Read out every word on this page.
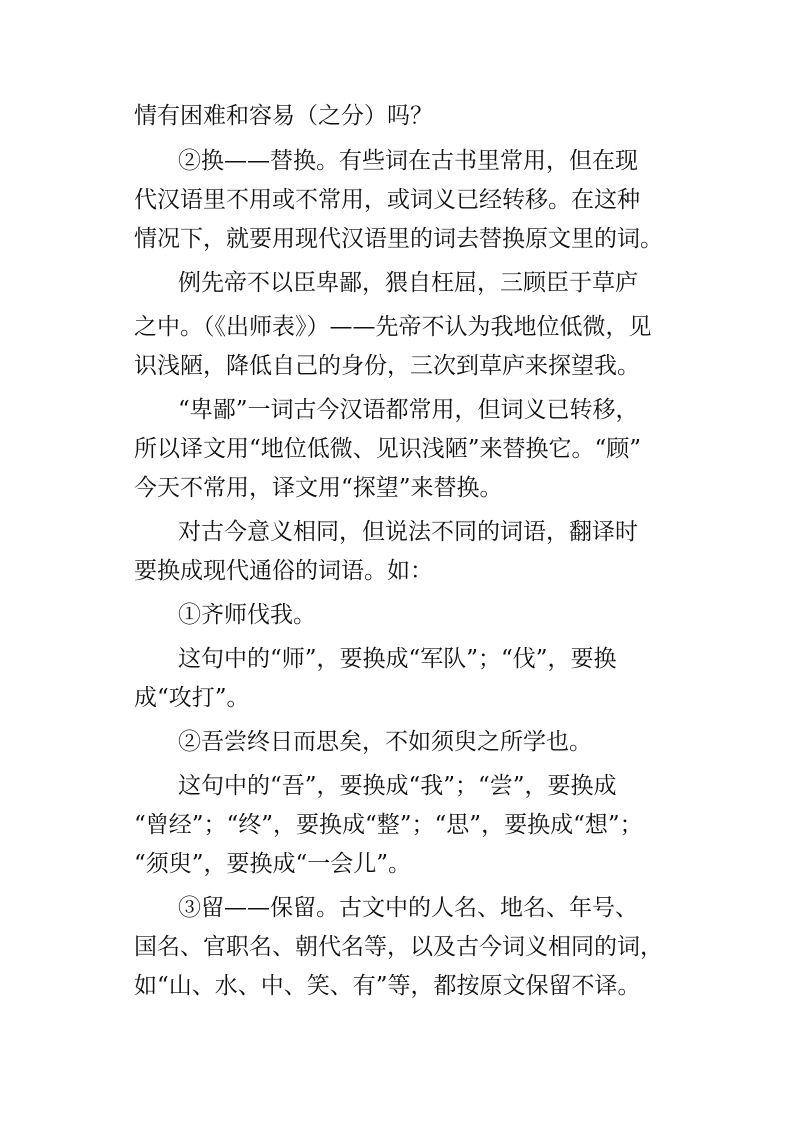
情有困难和容易（之分）吗？
②换——替换。有些词在古书里常用，但在现
代汉语里不用或不常用，或词义已经转移。在这种
情况下，就要用现代汉语里的词去替换原文里的词。
例先帝不以臣卑鄙，猥自枉屈，三顾臣于草庐
之中。（《出师表》）——先帝不认为我地位低微，见
识浅陋，降低自己的身份，三次到草庐来探望我。
“卑鄙”一词古今汉语都常用，但词义已转移，
所以译文用“地位低微、见识浅陋”来替换它。“顾”
今天不常用，译文用“探望”来替换。
对古今意义相同，但说法不同的词语，翻译时
要换成现代通俗的词语。如：
①齐师伐我。
这句中的“师”，要换成“军队”；“伐”，要换
成“攻打”。
②吾尝终日而思矣，不如须臾之所学也。
这句中的“吾”，要换成“我”；“尝”，要换成
“曾经”；“终”，要换成“整”；“思”，要换成“想”；
“须臾”，要换成“一会儿”。
③留——保留。古文中的人名、地名、年号、
国名、官职名、朝代名等，以及古今词义相同的词，
如“山、水、中、笑、有”等，都按原文保留不译。
